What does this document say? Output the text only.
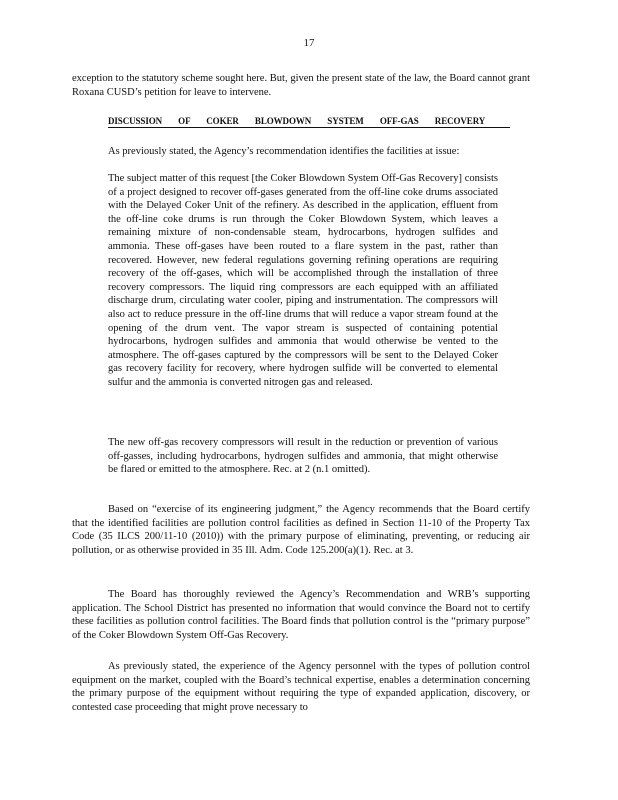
17

exception to the statutory scheme sought here. But, given the present state of the law, the Board cannot grant Roxana CUSD’s petition for leave to intervene.

DISCUSSION OF COKER BLOWDOWN SYSTEM OFF-GAS RECOVERY

As previously stated, the Agency’s recommendation identifies the facilities at issue:

The subject matter of this request [the Coker Blowdown System Off-Gas Recovery] consists of a project designed to recover off-gases generated from the off-line coke drums associated with the Delayed Coker Unit of the refinery. As described in the application, effluent from the off-line coke drums is run through the Coker Blowdown System, which leaves a remaining mixture of non-condensable steam, hydrocarbons, hydrogen sulfides and ammonia. These off-gases have been routed to a flare system in the past, rather than recovered. However, new federal regulations governing refining operations are requiring recovery of the off-gases, which will be accomplished through the installation of three recovery compressors. The liquid ring compressors are each equipped with an affiliated discharge drum, circulating water cooler, piping and instrumentation. The compressors will also act to reduce pressure in the off-line drums that will reduce a vapor stream found at the opening of the drum vent. The vapor stream is suspected of containing potential hydrocarbons, hydrogen sulfides and ammonia that would otherwise be vented to the atmosphere. The off-gases captured by the compressors will be sent to the Delayed Coker gas recovery facility for recovery, where hydrogen sulfide will be converted to elemental sulfur and the ammonia is converted nitrogen gas and released.

The new off-gas recovery compressors will result in the reduction or prevention of various off-gasses, including hydrocarbons, hydrogen sulfides and ammonia, that might otherwise be flared or emitted to the atmosphere. Rec. at 2 (n.1 omitted).

Based on “exercise of its engineering judgment,” the Agency recommends that the Board certify that the identified facilities are pollution control facilities as defined in Section 11-10 of the Property Tax Code (35 ILCS 200/11-10 (2010)) with the primary purpose of eliminating, preventing, or reducing air pollution, or as otherwise provided in 35 Ill. Adm. Code 125.200(a)(1). Rec. at 3.

The Board has thoroughly reviewed the Agency’s Recommendation and WRB’s supporting application. The School District has presented no information that would convince the Board not to certify these facilities as pollution control facilities. The Board finds that pollution control is the “primary purpose” of the Coker Blowdown System Off-Gas Recovery.

As previously stated, the experience of the Agency personnel with the types of pollution control equipment on the market, coupled with the Board’s technical expertise, enables a determination concerning the primary purpose of the equipment without requiring the type of expanded application, discovery, or contested case proceeding that might prove necessary to
